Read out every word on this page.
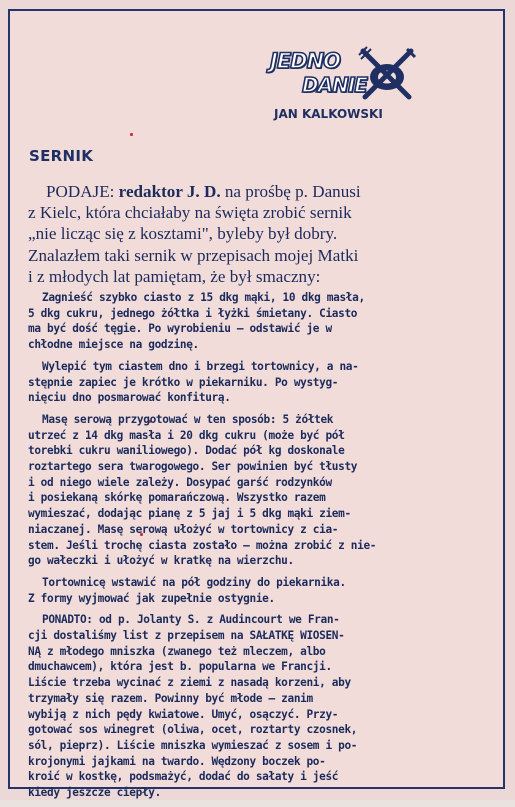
JEDNO
DANIE
JAN KALKOWSKI
SERNIK
PODAJE: redaktor J. D. na prośbę p. Danusi
z Kielc, która chciałaby na święta zrobić sernik
„nie licząc się z kosztami", byleby był dobry.
Znalazłem taki sernik w przepisach mojej Matki
i z młodych lat pamiętam, że był smaczny:
Zagnieść szybko ciasto z 15 dkg mąki, 10 dkg masła,
5 dkg cukru, jednego żółtka i łyżki śmietany. Ciasto
ma być dość tęgie. Po wyrobieniu — odstawić je w
chłodne miejsce na godzinę.
Wylepić tym ciastem dno i brzegi tortownicy, a na-
stępnie zapiec je krótko w piekarniku. Po wystyg-
nięciu dno posmarować konfiturą.
Masę serową przygotować w ten sposób: 5 żółtek
utrzeć z 14 dkg masła i 20 dkg cukru (może być pół
torebki cukru waniliowego). Dodać pół kg doskonale
roztartego sera twarogowego. Ser powinien być tłusty
i od niego wiele zależy. Dosypać garść rodzynków
i posiekaną skórkę pomarańczową. Wszystko razem
wymieszać, dodając pianę z 5 jaj i 5 dkg mąki ziem-
niaczanej. Masę serową ułożyć w tortownicy z cia-
stem. Jeśli trochę ciasta zostało — można zrobić z nie-
go wałeczki i ułożyć w kratkę na wierzchu.
Tortownicę wstawić na pół godziny do piekarnika.
Z formy wyjmować jak zupełnie ostygnie.
PONADTO: od p. Jolanty S. z Audincourt we Fran-
cji dostaliśmy list z przepisem na SAŁATKĘ WIOSEN-
NĄ z młodego mniszka (zwanego też mleczem, albo
dmuchawcem), która jest b. popularna we Francji.
Liście trzeba wycinać z ziemi z nasadą korzeni, aby
trzymały się razem. Powinny być młode — zanim
wybiją z nich pędy kwiatowe. Umyć, osączyć. Przy-
gotować sos winegret (oliwa, ocet, roztarty czosnek,
sól, pieprz). Liście mniszka wymieszać z sosem i po-
krojonymi jajkami na twardo. Wędzony boczek po-
kroić w kostkę, podsmażyć, dodać do sałaty i jeść
kiedy jeszcze ciepły.
